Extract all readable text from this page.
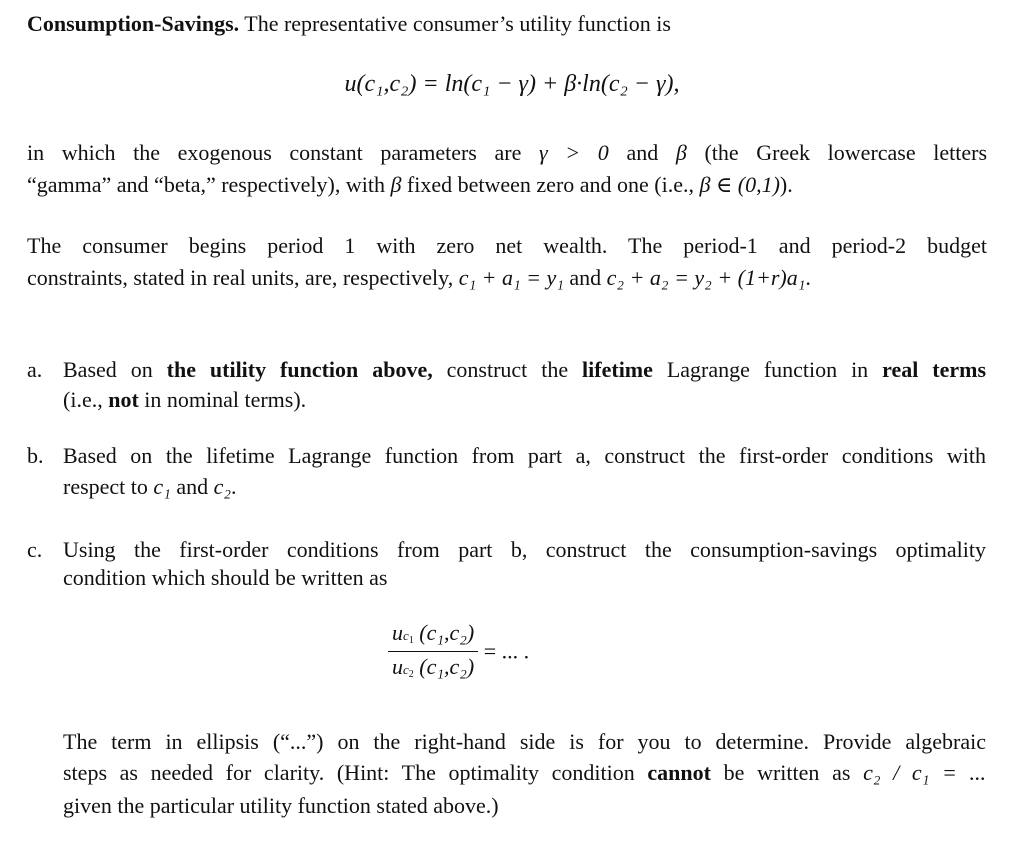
Consumption-Savings. The representative consumer’s utility function is
u(c₁,c₂) = ln(c₁ − γ) + β·ln(c₂ − γ),
in which the exogenous constant parameters are γ > 0 and β (the Greek lowercase letters
“gamma” and “beta,” respectively), with β fixed between zero and one (i.e., β ∈ (0,1)).
The consumer begins period 1 with zero net wealth. The period-1 and period-2 budget
constraints, stated in real units, are, respectively, c₁ + a₁ = y₁ and c₂ + a₂ = y₂ + (1+r)a₁.
a. Based on the utility function above, construct the lifetime Lagrange function in real terms
(i.e., not in nominal terms).
b. Based on the lifetime Lagrange function from part a, construct the first-order conditions with
respect to c₁ and c₂.
c. Using the first-order conditions from part b, construct the consumption-savings optimality
condition which should be written as
$\frac{uc_1 (c_1,c_2)}{uc_2 (c_1,c_2)}$ = ... .
The term in ellipsis (“...”) on the right-hand side is for you to determine. Provide algebraic
steps as needed for clarity. (Hint: The optimality condition cannot be written as c₂ / c₁ = ...
given the particular utility function stated above.)
